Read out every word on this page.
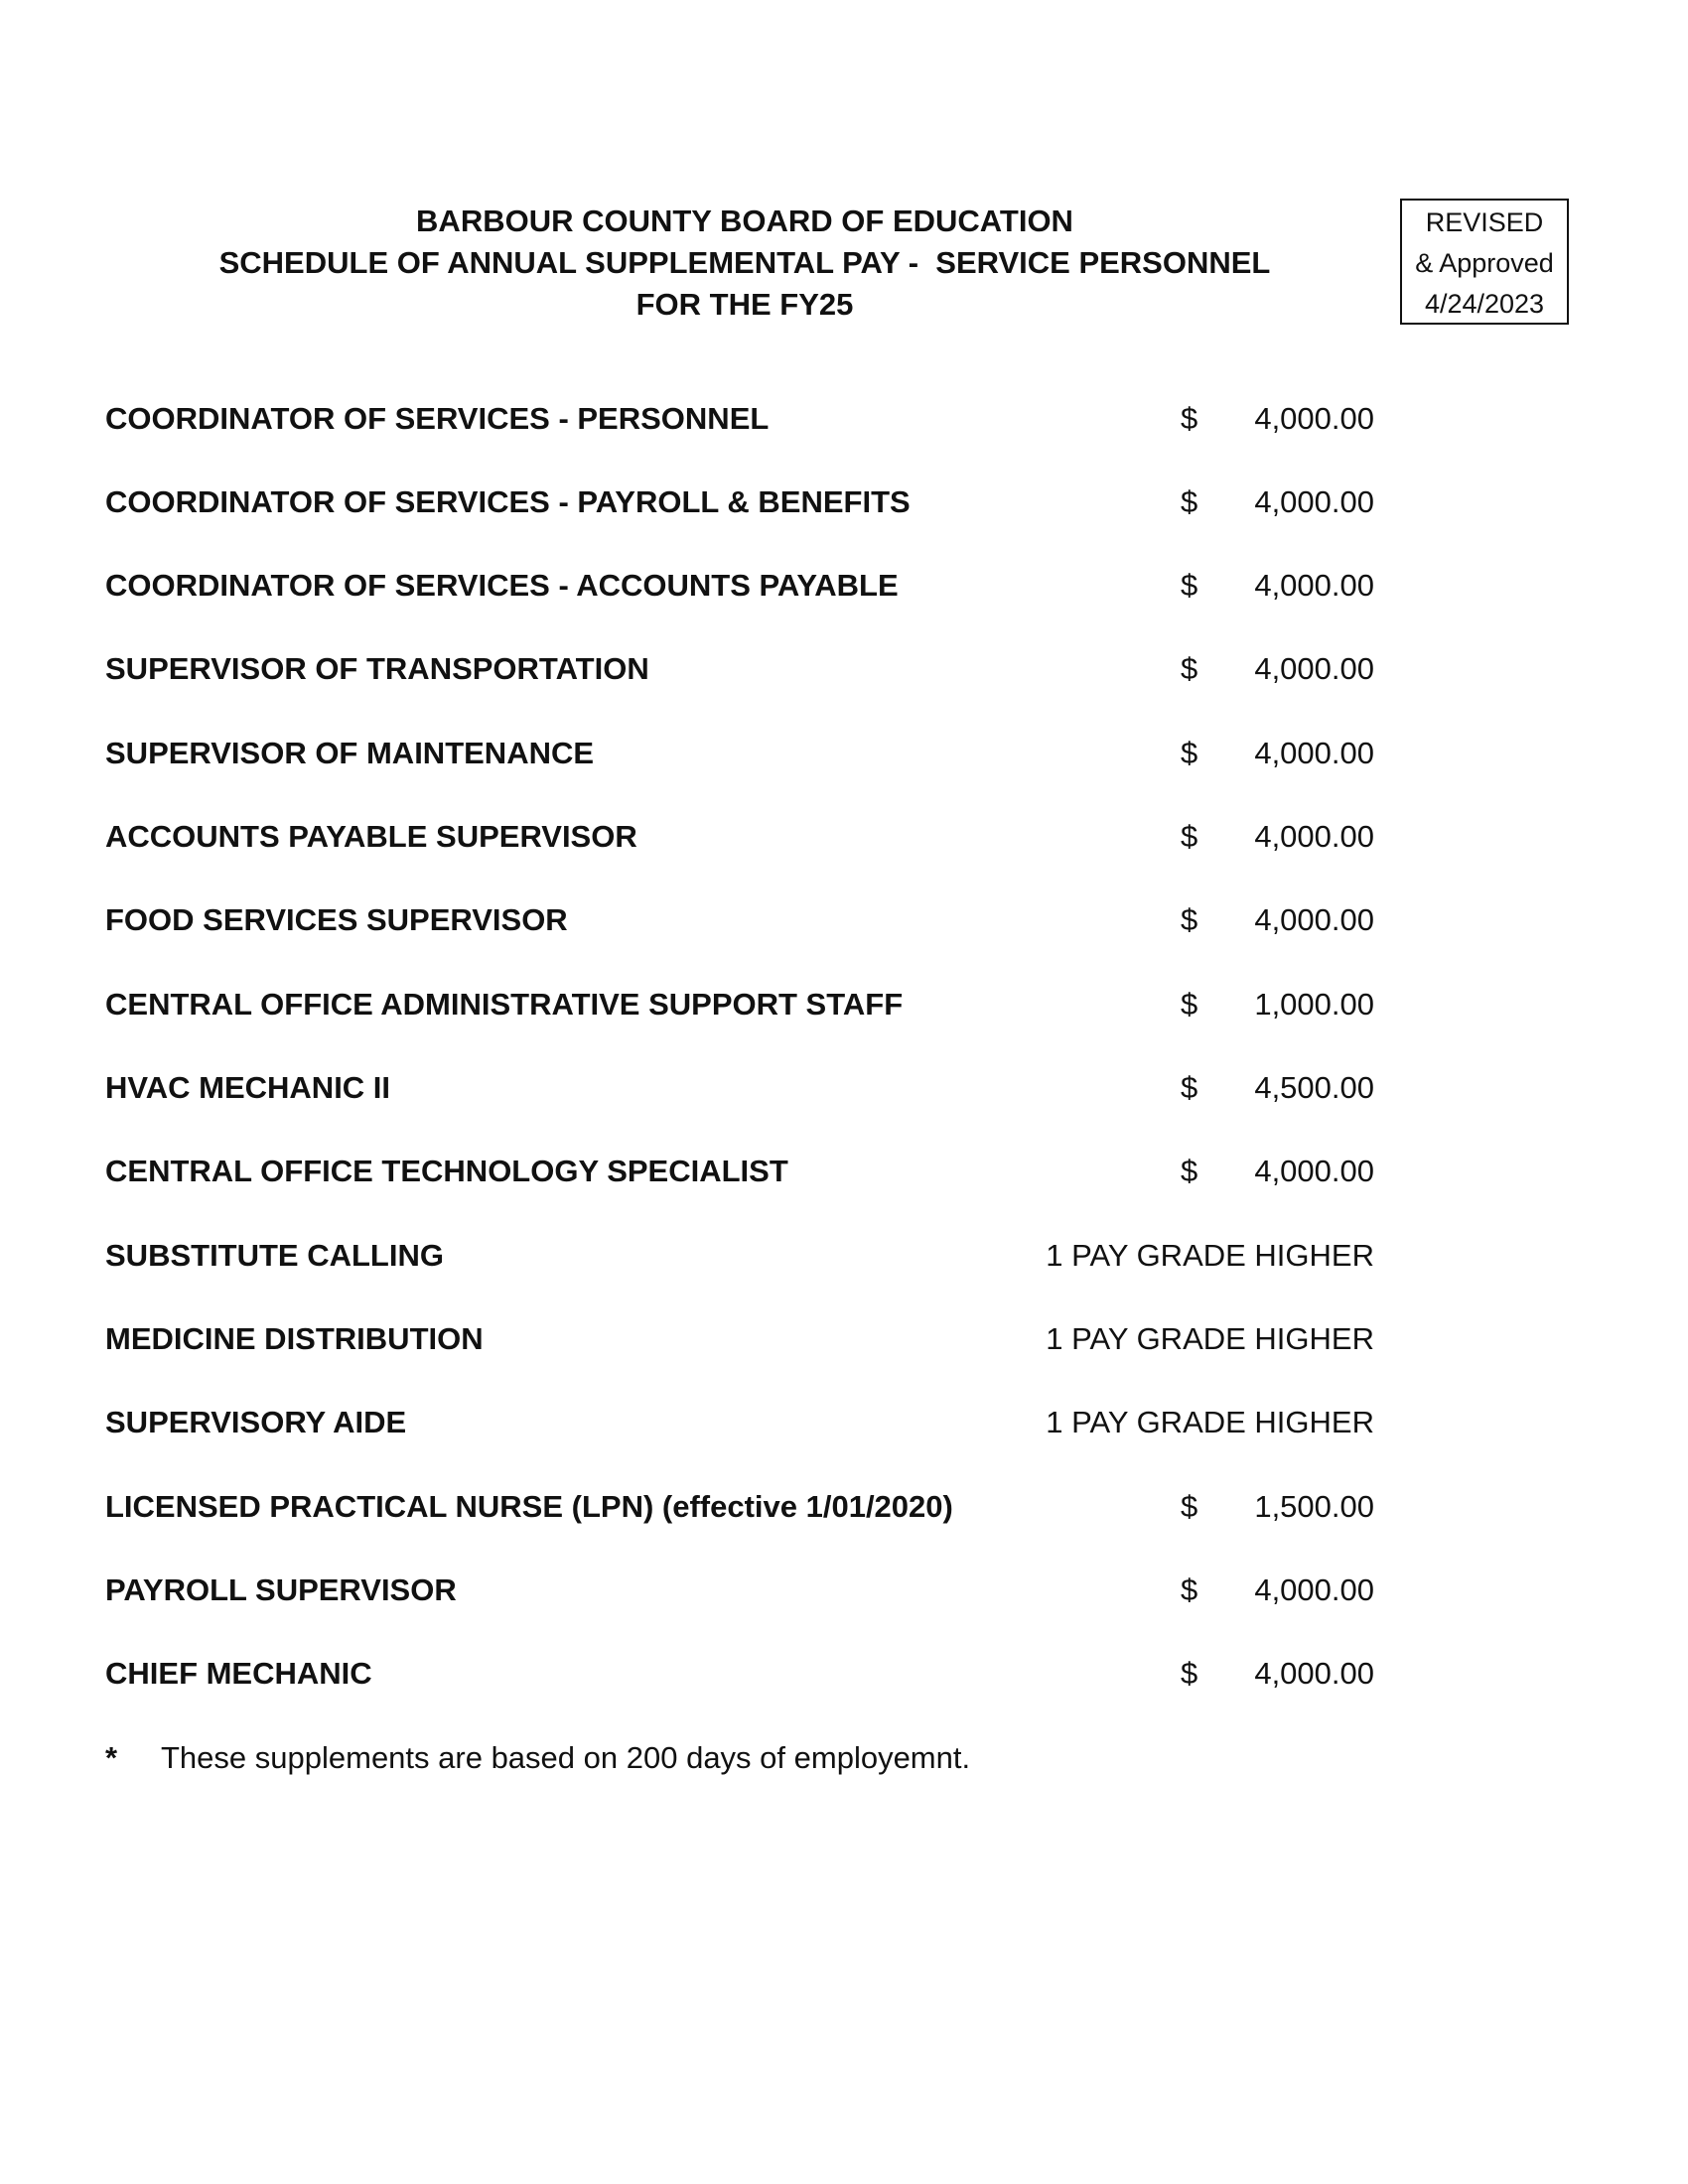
BARBOUR COUNTY BOARD OF EDUCATION
SCHEDULE OF ANNUAL SUPPLEMENTAL PAY -  SERVICE PERSONNEL
FOR THE FY25
REVISED
& Approved
4/24/2023
COORDINATOR OF SERVICES - PERSONNEL	$ 4,000.00
COORDINATOR OF SERVICES - PAYROLL & BENEFITS	$ 4,000.00
COORDINATOR OF SERVICES - ACCOUNTS PAYABLE	$ 4,000.00
SUPERVISOR OF TRANSPORTATION	$ 4,000.00
SUPERVISOR OF MAINTENANCE	$ 4,000.00
ACCOUNTS PAYABLE SUPERVISOR	$ 4,000.00
FOOD SERVICES SUPERVISOR	$ 4,000.00
CENTRAL OFFICE ADMINISTRATIVE SUPPORT STAFF	$ 1,000.00
HVAC MECHANIC II	$ 4,500.00
CENTRAL OFFICE TECHNOLOGY SPECIALIST	$ 4,000.00
SUBSTITUTE CALLING	1 PAY GRADE HIGHER
MEDICINE DISTRIBUTION	1 PAY GRADE HIGHER
SUPERVISORY AIDE	1 PAY GRADE HIGHER
LICENSED PRACTICAL NURSE (LPN) (effective 1/01/2020)	$ 1,500.00
PAYROLL SUPERVISOR	$ 4,000.00
CHIEF MECHANIC	$ 4,000.00
* These supplements are based on 200 days of employemnt.
